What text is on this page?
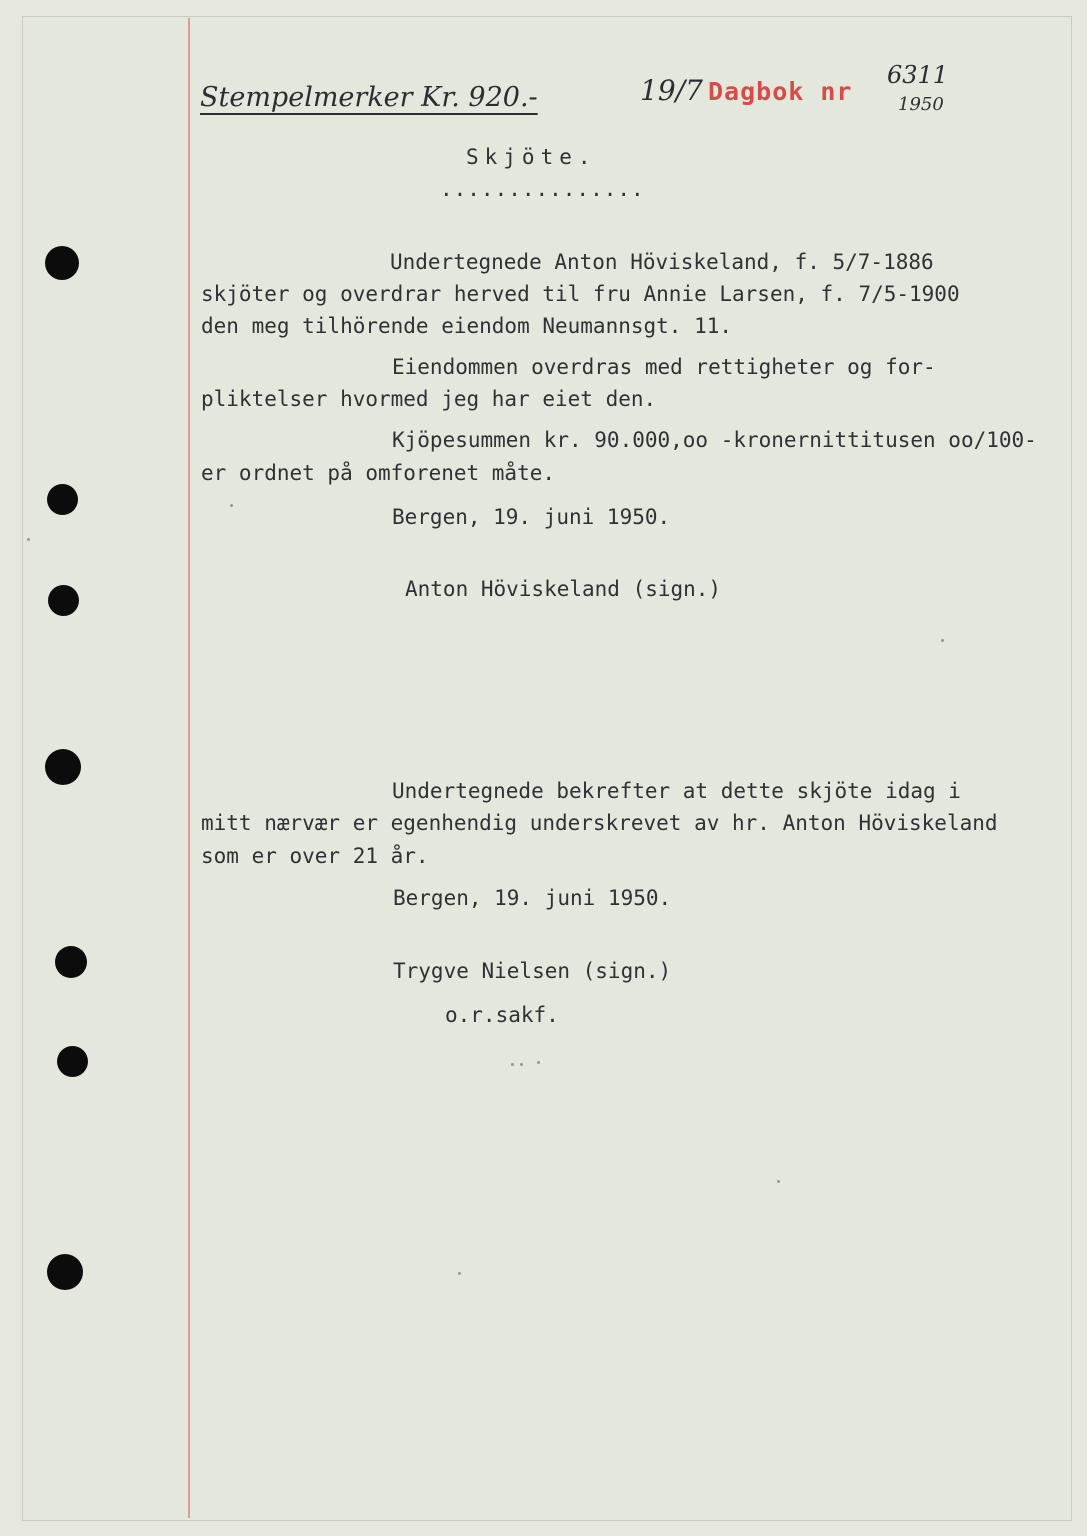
Stempelmerker Kr. 920.-	19/7 Dagbok nr
6311
1950
Skjöte.
...............
Undertegnede Anton Höviskeland, f. 5/7-1886
skjöter og overdrar herved til fru Annie Larsen, f. 7/5-1900
den meg tilhörende eiendom Neumannsgt. 11.
Eiendommen overdras med rettigheter og for-
pliktelser hvormed jeg har eiet den.
Kjöpesummen kr. 90.000,oo -kronernittitusen oo/100-
er ordnet på omforenet måte.
Bergen, 19. juni 1950.
Anton Höviskeland (sign.)
Undertegnede bekrefter at dette skjöte idag i
mitt nærvær er egenhendig underskrevet av hr. Anton Höviskeland
som er over 21 år.
Bergen, 19. juni 1950.
Trygve Nielsen (sign.)
o.r.sakf.
